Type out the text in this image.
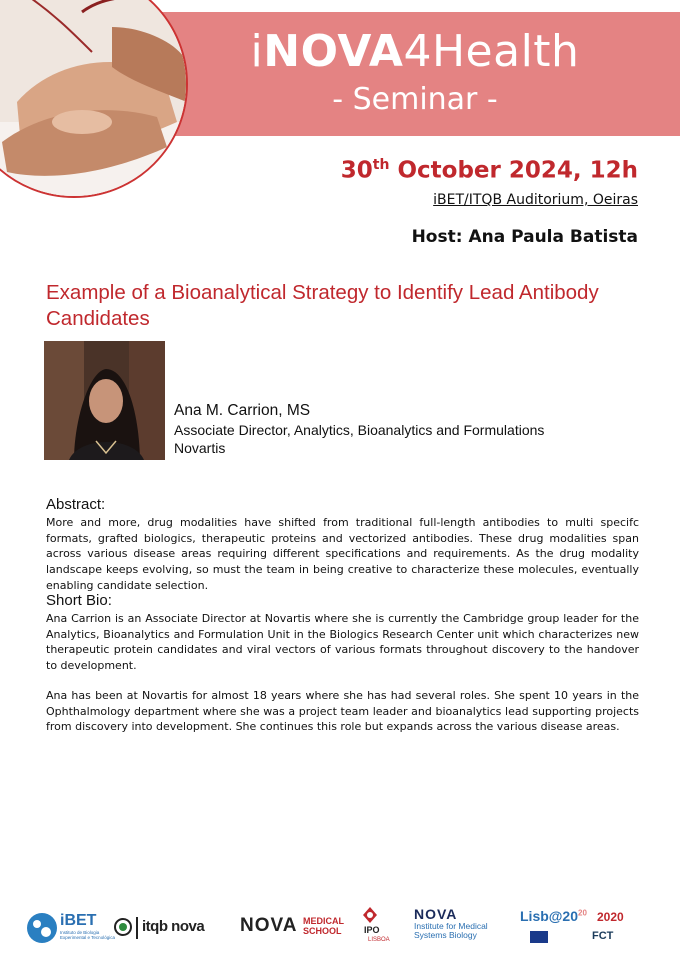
iNOVA4Health
- Seminar -
30th October 2024, 12h
iBET/ITQB Auditorium, Oeiras
Host: Ana Paula Batista
Example of a Bioanalytical Strategy to Identify Lead Antibody Candidates
Ana M. Carrion, MS
Associate Director, Analytics, Bioanalytics and Formulations
Novartis
Abstract:
More and more, drug modalities have shifted from traditional full-length antibodies to multi specifc formats, grafted biologics, therapeutic proteins and vectorized antibodies. These drug modalities span across various disease areas requiring different specifications and requirements. As the drug modality landscape keeps evolving, so must the team in being creative to characterize these molecules, eventually enabling candidate selection.
Short Bio:
Ana Carrion is an Associate Director at Novartis where she is currently the Cambridge group leader for the Analytics, Bioanalytics and Formulation Unit in the Biologics Research Center unit which characterizes new therapeutic protein candidates and viral vectors of various formats throughout discovery to the handover to development.
Ana has been at Novartis for almost 18 years where she has had several roles. She spent 10 years in the Ophthalmology department where she was a project team leader and bioanalytics lead supporting projects from discovery into development. She continues this role but expands across the various disease areas.
iBET
Instituto de Biologia Experimental e Tecnológica
itqb nova NOVA MEDICAL
SCHOOL IPO
LISBOA
NOVA
Institute for Medical
Systems Biology
$Lisb@20^{20}$ 2020
FCT
